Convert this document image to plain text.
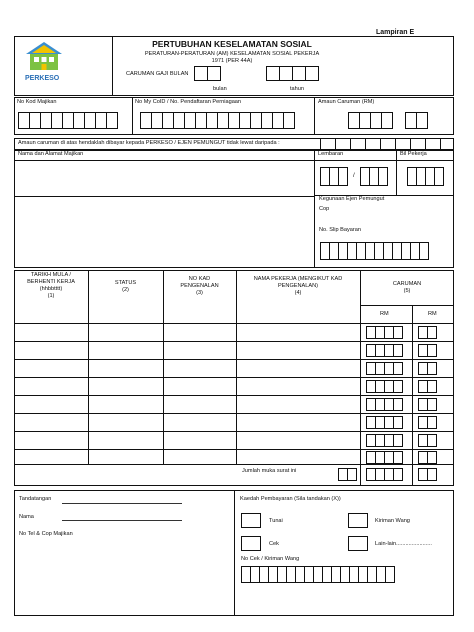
Lampiran E
PERKESO
PERTUBUHAN KESELAMATAN SOSIAL
PERATURAN-PERATURAN (AM) KESELAMATAN SOSIAL PEKERJA
1971 (PER 44A)
CARUMAN GAJI BULAN
bulan	tahun
No Kod Majikan	No My CoID / No. Pendaftaran Perniagaan	Amaun Caruman (RM)
Amaun caruman di atas hendaklah dibayar kepada PERKESO / EJEN PEMUNGUT tidak lewat daripada :
Nama dan Alamat Majikan	Lembaran	Bil Pekerja
/
Kegunaan Ejen Pemungut
Cop
No. Slip Bayaran
TARIKH MULA /
BERHENTI KERJA
(hhbbtttt)
(1)
STATUS
(2)
NO KAD
PENGENALAN
(3)
NAMA PEKERJA (MENGIKUT KAD
PENGENALAN)
(4)
CARUMAN
(5)
RM	RM
Jumlah muka surat ini
Tandatangan
Nama
No Tel & Cop Majikan
Kaedah Pembayaran (Sila tandakan (X))
Tunai	Kiriman Wang
Cek	Lain-lain.......................
No Cek / Kiriman Wang
